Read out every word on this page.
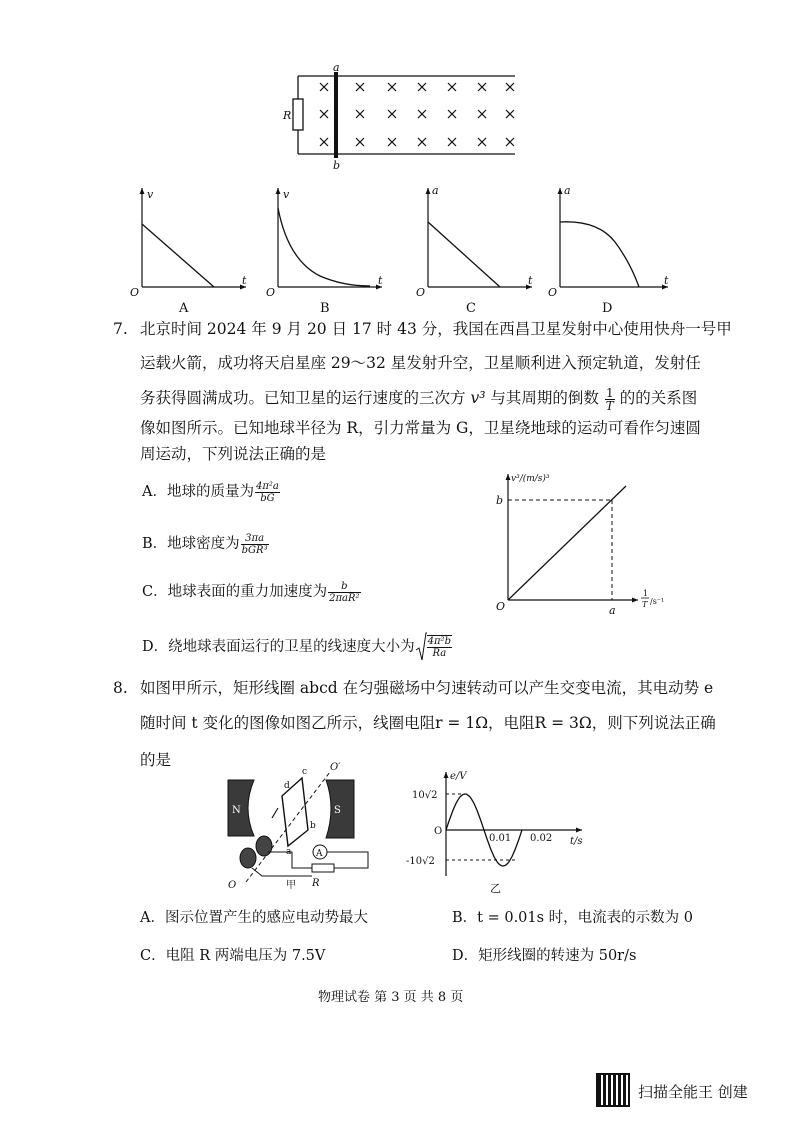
a
b
R
v
t
O
A
v
t
O
B
a
t
O
C
a
t
O
D
7. 北京时间 2024 年 9 月 20 日 17 时 43 分，我国在西昌卫星发射中心使用快舟一号甲
运载火箭，成功将天启星座 29～32 星发射升空，卫星顺利进入预定轨道，发射任
务获得圆满成功。已知卫星的运行速度的三次方 v³ 与其周期的倒数 $\frac{1}{T}$ 的的关系图
像如图所示。已知地球半径为 R，引力常量为 G，卫星绕地球的运动可看作匀速圆
周运动，下列说法正确的是
A．地球的质量为 $\frac{\text{4π²a}}{bG}$
B．地球密度为 $\frac{3\pi a}{\text{bGR³}}$
C．地球表面的重力加速度为 $\frac{b}{\text{2πaR²}}$
D．绕地球表面运行的卫星的线速度大小为 $\frac{\text{4π²b}}{Ra}$
v³/(m/s)³
b
a
O
1
T /s⁻¹
8. 如图甲所示，矩形线圈 abcd 在匀强磁场中匀速转动可以产生交变电流，其电动势 e
随时间 t 变化的图像如图乙所示，线圈电阻r = 1Ω，电阻R = 3Ω，则下列说法正确
的是
N	S
A
d
c
b
a
O′
O	R
甲
e/V
10√2
-10√2
O
0.01 0.02 t/s
乙
A．图示位置产生的感应电动势最大	B．t = 0.01s 时，电流表的示数为 0
C．电阻 R 两端电压为 7.5V	D．矩形线圈的转速为 50r/s
物理试卷 第 3 页 共 8 页
扫描全能王 创建
